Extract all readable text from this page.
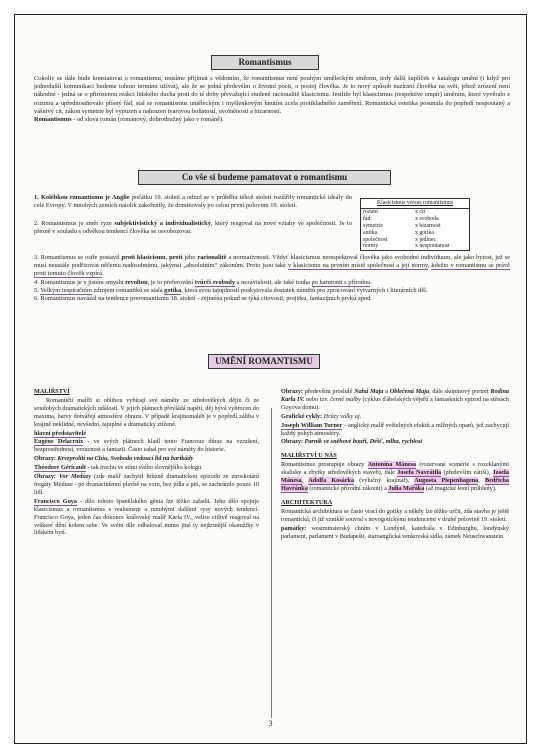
Romantismus

Cokoliv se dále bude konstatovat o romantismu, musíme přijímat s vědomím, že romantismus není pouhým uměleckým směrem, tedy další šuplíček v katalogu umění (i když pro jednodušší komunikaci budeme tohoto termínu užívat), ale že se jedná především o životní pocit, o postoj člověka. Je to nový způsob nazírání člověka na svět, jehož zrození není náhodné - jedná se o přirozenou reakci lidského ducha proti do té doby převažující studené racionalitě klasicismu. Jestliže byl klasicismus (respektive empír) uměním, které vyvěralo z rozumu a upřednostňovalo přísný řád, stal se romantismus uměleckým i myšlenkovým hnutím zcela protikladného zaměření. Romantická estetika posunula do popředí nespoutaný a vášnivý cit, zákon symetrie byl vypuzen a nahrazen tvarovou bohatostí, uvolněností a bizarností.

Romantismus - od slova román (románový, dobrodružný jako v románě).

Co vše si budeme pamatovat o romantismu

1. Kolébkou romantismu je Anglie počátku 19. století a odtud se v průběhu téhož století rozšířily romantické ideály do celé Evropy. V mnohých zemích natolik zakořenily, že dominovaly po celou první polovinu 19. století.

2. Romantismus je směr ryze subjektivistický a individualistický, který reagoval na nové vztahy ve společnosti. Je to přesně v souladu s odvěkou tendencí člověka se osvobozovat.

Klasicismus versus romantismus
rozum	x cit
řád	x svoboda
symetrie	x bizarnost
antika	x gotika
společnost	x jedinec
normy	x nespoutanost

3. Romantismus se ostře postavil proti klasicismu, proti jeho racionalitě a normativnosti. Vždyť klasicismus nerespektoval člověka jako svobodné individuum, ale jako bytost, jež se musí neustále podřizovat něčemu nadosobnímu, jakýmsi „absolutním“ zákonům. Proto jsou také v klasicismu na prvním místě společnost a její normy, kdežto v romantismu se právě proti tomuto člověk vzpírá.

4. Romantismus je v jistém smyslu revoltou, je to preferování tvůrčí svobody a nezávislosti, ale také touha po harmonii s přírodou.

5. Velkým inspiračním zdrojem romantiků se stala gotika, která svou tajuplností poskytovala dostatek námětů pro zpracování výtvarných i literárních děl.

6. Romantismus navázal na tendence preromantismu 18. století - zejména pokud se týká citovosti, projitku, fantazijních prvků apod.

UMĚNÍ ROMANTISMU

MALÍŘSTVÍ

Romantičtí malíři si oblibou vybírají své náměty ze středověkých dějin či ze soudobých dramatických událostí. V jejich plátnech převládá napětí, děj bývá vyhrocen do maxima, barvy dotvářejí atmosféru obrazu. V případě krajinomaleb je v popředí záliba v krajině neklidné, nevšední, tajuplné a dramaticky ztížené.

hlavní představitelé

Eugéne Delacroix - ve svých plátnech kladl tento Francouz důraz na vzrušení, bezprostřednost, vroucnost a fantazii. Často sahal pro své náměty do historie.

Obrazy: Krveprolití na Chiu, Svoboda vedoucí lid na barikády

Théodore Géricault - tak trochu ve stínu svého slovnějšího kolegu.

Obrazy: Vor Medúzy (zde malíř zachytil hrůzně dramatickou epizodu ze ztroskotání fregaty Méduse - po dvanáctidenní plavbě na voru, bez jídla a pití, se zachránilo pouze 10 lidí.

Francisco Goya - dílo tohoto španělského génia lze těžko zařadit. Jeho dílo spojuje klasicismus a romantismus s realismem a mnohými dalšími rysy nových tendencí. Francisco Goya, jeden čas dokonce královský malíř Karla IV., velice citlivě reagoval na veškeré dění kolem sebe. Ve svém díle odhaloval mimo jiné ty nejkrutější okamžiky v lidském bytí.

Obrazy: především proslulé Nahá Maja a Oblečená Maja, dále skupinový portrét Rodina Karla IV. nebo tzv. černé malby (cyklus ďábelských vějeřů a fantaskních epizod na stěnách Goyova domu).

Grafické cykly: Hrůzy války aj.

Joseph William Turner - anglický malíř světelných efektů a mlžných oparů, jež zachycují každý pohyb atmosféry.

Obrazy: Parník ve sněhové bouři, Déšť, mlha, rychlost

MALÍŘSTVÍ U NÁS

Romantismus prostupuje obrazy Antonína Mánesa (rozervané scenérie s rozeklanými skalisky a zbytky středověkých staveb), dále Josefa Navrátila (především zátiší), Josefa Mánesa, Adolfa Kosárka (výlučný krajinář), Augusta Piepenhagena, Bedřicha Havránka (romantické přírodní zákoutí) a Julia Mařáka (až magické lesní průhledy).

ARCHITEKTURA

Romantická architektura se často vrací do gotiky a někdy lze těžko určit, zda stavba je ještě romantická, či již vzniklé souvisí s novogotickými tendencemi v druhé polovině 19. století.

památky: westminsterský chrám v Londýně, katedrála v Edinburghu, londýnský parlament, parlament v Budapešti, staroanglická venkovská sídla, zámek Neuschwanstein

3
